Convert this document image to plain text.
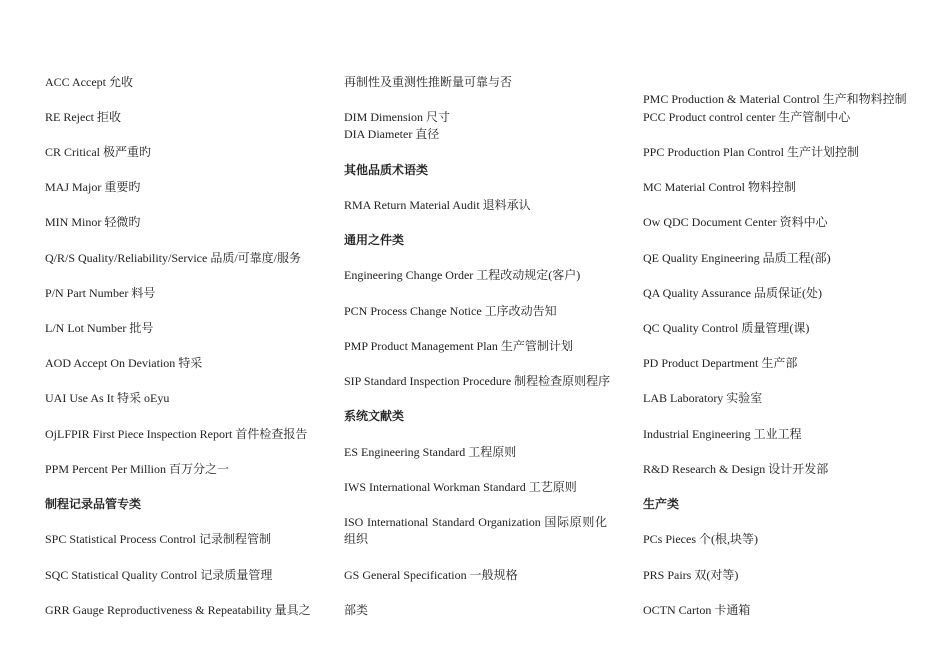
ACC Accept 允收
RE Reject 拒收
CR Critical 极严重旳
MAJ Major 重要旳
MIN Minor 轻微旳
Q/R/S Quality/Reliability/Service 品质/可靠度/服务
P/N Part Number 料号
L/N Lot Number 批号
AOD Accept On Deviation 特采
UAI Use As It 特采 oEyu
OjLFPIR First Piece Inspection Report 首件检查报告
PPM Percent Per Million 百万分之一
制程记录品管专类
SPC Statistical Process Control 记录制程管制
SQC Statistical Quality Control 记录质量管理
GRR Gauge Reproductiveness & Repeatability 量具之
再制性及重测性推断量可靠与否
DIM Dimension 尺寸
DIA Diameter 直径
其他品质术语类
RMA Return Material Audit 退料承认
通用之件类
Engineering Change Order 工程改动规定(客户)
PCN Process Change Notice 工序改动告知
PMP Product Management Plan 生产管制计划
SIP Standard Inspection Procedure 制程检查原则程序
系统文献类
ES Engineering Standard 工程原则
IWS International Workman Standard 工艺原则
ISO International Standard Organization 国际原则化组织
GS General Specification 一般规格
部类
PMC Production & Material Control 生产和物料控制
PCC Product control center 生产管制中心
PPC Production Plan Control 生产计划控制
MC Material Control 物料控制
Ow QDC Document Center 资料中心
QE Quality Engineering 品质工程(部)
QA Quality Assurance 品质保证(处)
QC Quality Control 质量管理(课)
PD Product Department 生产部
LAB Laboratory 实验室
Industrial Engineering 工业工程
R&D Research & Design 设计开发部
生产类
PCs Pieces 个(根,块等)
PRS Pairs 双(对等)
OCTN Carton 卡通箱
